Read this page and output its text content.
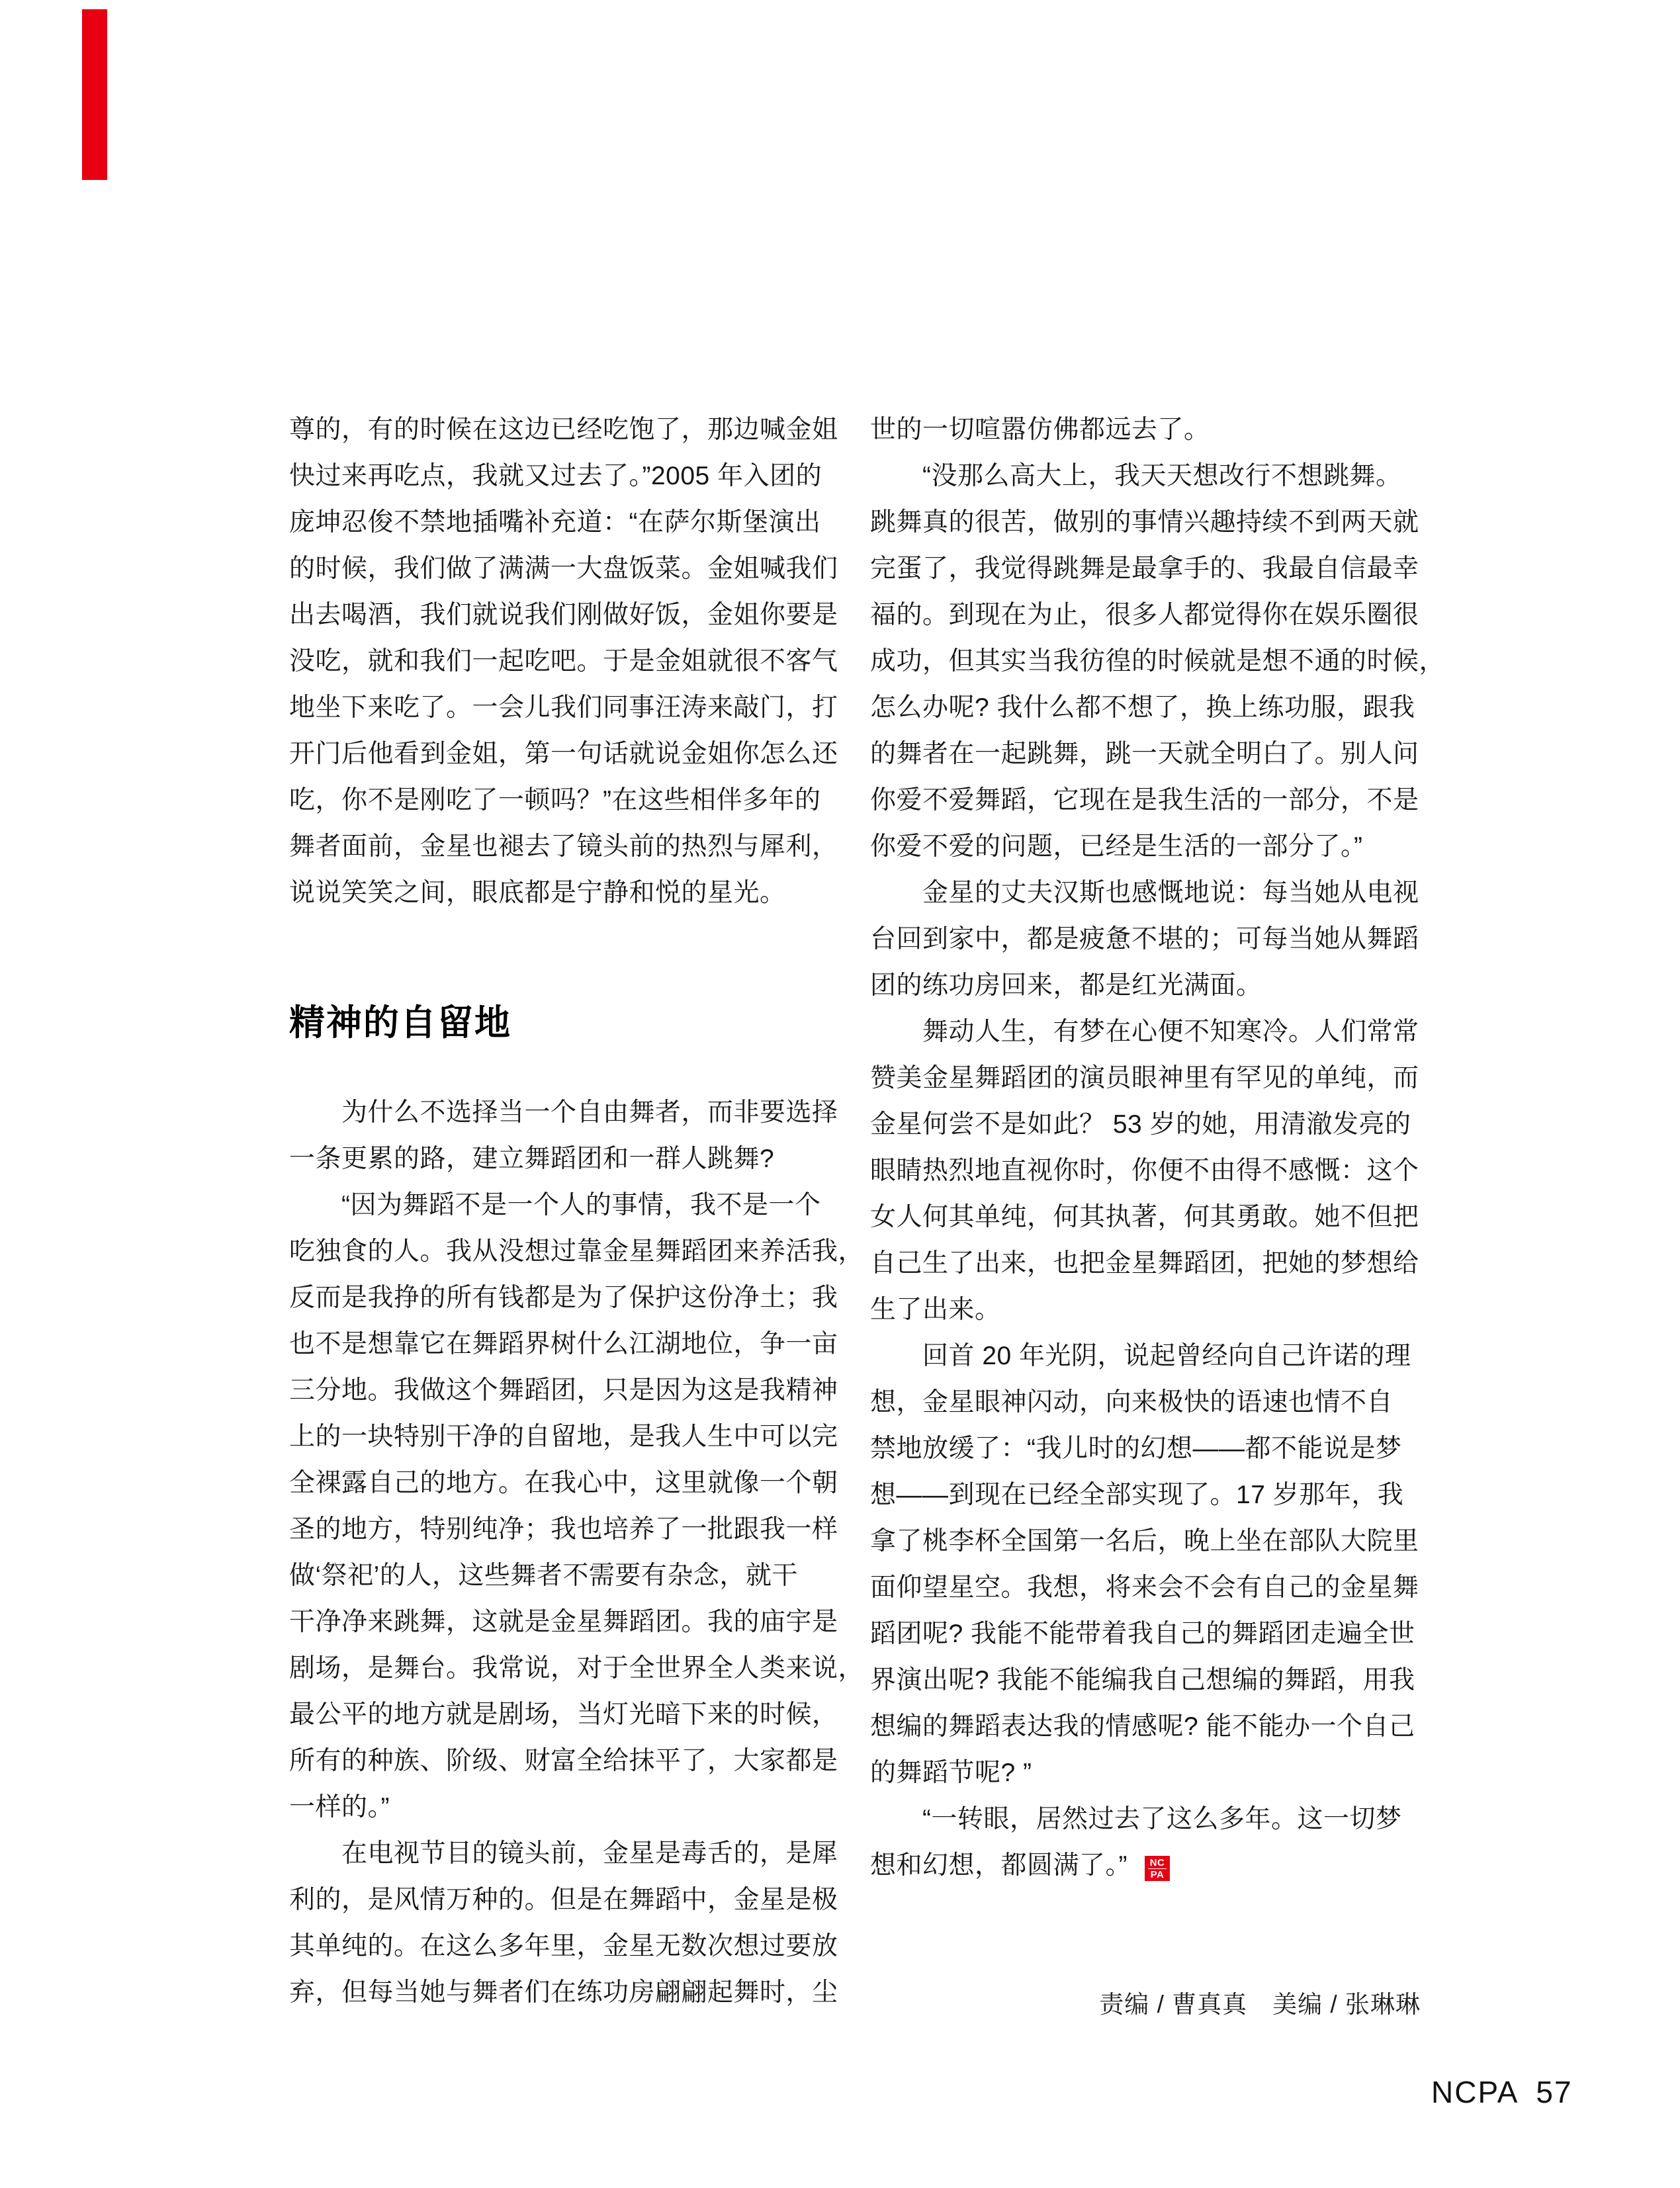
尊的，有的时候在这边已经吃饱了，那边喊金姐
快过来再吃点，我就又过去了。”2005 年入团的
庞坤忍俊不禁地插嘴补充道：“在萨尔斯堡演出
的时候，我们做了满满一大盘饭菜。金姐喊我们
出去喝酒，我们就说我们刚做好饭，金姐你要是
没吃，就和我们一起吃吧。于是金姐就很不客气
地坐下来吃了。一会儿我们同事汪涛来敲门，打
开门后他看到金姐，第一句话就说金姐你怎么还
吃，你不是刚吃了一顿吗？”在这些相伴多年的
舞者面前，金星也褪去了镜头前的热烈与犀利，
说说笑笑之间，眼底都是宁静和悦的星光。
精神的自留地
　　为什么不选择当一个自由舞者，而非要选择
一条更累的路，建立舞蹈团和一群人跳舞?
　　“因为舞蹈不是一个人的事情，我不是一个
吃独食的人。我从没想过靠金星舞蹈团来养活我，
反而是我挣的所有钱都是为了保护这份净土；我
也不是想靠它在舞蹈界树什么江湖地位，争一亩
三分地。我做这个舞蹈团，只是因为这是我精神
上的一块特别干净的自留地，是我人生中可以完
全裸露自己的地方。在我心中，这里就像一个朝
圣的地方，特别纯净；我也培养了一批跟我一样
做‘祭祀’的人，这些舞者不需要有杂念，就干
干净净来跳舞，这就是金星舞蹈团。我的庙宇是
剧场，是舞台。我常说，对于全世界全人类来说，
最公平的地方就是剧场，当灯光暗下来的时候，
所有的种族、阶级、财富全给抹平了，大家都是
一样的。”
　　在电视节目的镜头前，金星是毒舌的，是犀
利的，是风情万种的。但是在舞蹈中，金星是极
其单纯的。在这么多年里，金星无数次想过要放
弃，但每当她与舞者们在练功房翩翩起舞时，尘
世的一切喧嚣仿佛都远去了。
　　“没那么高大上，我天天想改行不想跳舞。
跳舞真的很苦，做别的事情兴趣持续不到两天就
完蛋了，我觉得跳舞是最拿手的、我最自信最幸
福的。到现在为止，很多人都觉得你在娱乐圈很
成功，但其实当我彷徨的时候就是想不通的时候，
怎么办呢? 我什么都不想了，换上练功服，跟我
的舞者在一起跳舞，跳一天就全明白了。别人问
你爱不爱舞蹈，它现在是我生活的一部分，不是
你爱不爱的问题，已经是生活的一部分了。”
　　金星的丈夫汉斯也感慨地说：每当她从电视
台回到家中，都是疲惫不堪的；可每当她从舞蹈
团的练功房回来，都是红光满面。
　　舞动人生，有梦在心便不知寒冷。人们常常
赞美金星舞蹈团的演员眼神里有罕见的单纯，而
金星何尝不是如此？ 53 岁的她，用清澈发亮的
眼睛热烈地直视你时，你便不由得不感慨：这个
女人何其单纯，何其执著，何其勇敢。她不但把
自己生了出来，也把金星舞蹈团，把她的梦想给
生了出来。
　　回首 20 年光阴，说起曾经向自己许诺的理
想，金星眼神闪动，向来极快的语速也情不自
禁地放缓了：“我儿时的幻想——都不能说是梦
想——到现在已经全部实现了。17 岁那年，我
拿了桃李杯全国第一名后，晚上坐在部队大院里
面仰望星空。我想，将来会不会有自己的金星舞
蹈团呢? 我能不能带着我自己的舞蹈团走遍全世
界演出呢? 我能不能编我自己想编的舞蹈，用我
想编的舞蹈表达我的情感呢? 能不能办一个自己
的舞蹈节呢? ”
　　“一转眼，居然过去了这么多年。这一切梦
想和幻想，都圆满了。” $\frac{NC}{PA}$
责编 / 曹真真　美编 / 张琳琳
NCPA 57
